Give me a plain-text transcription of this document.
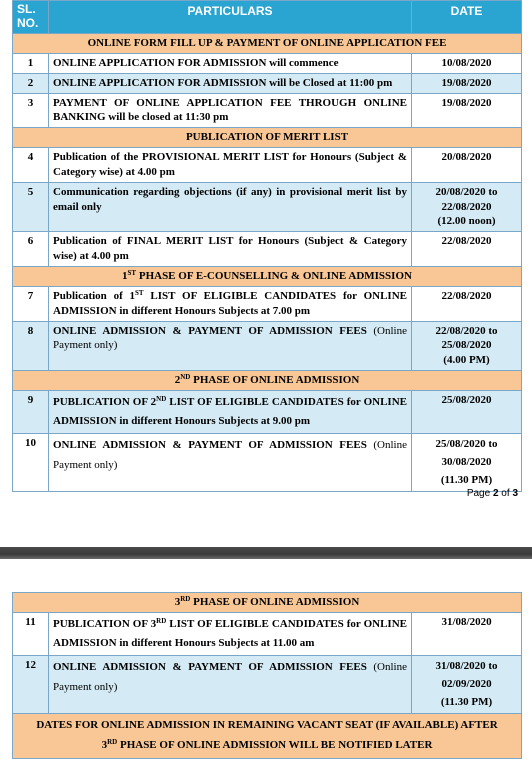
SL.
NO.	PARTICULARS	DATE
ONLINE FORM FILL UP & PAYMENT OF ONLINE APPLICATION FEE		
1	ONLINE APPLICATION FOR ADMISSION will commence	10/08/2020
2	ONLINE APPLICATION FOR ADMISSION will be Closed at 11:00 pm	19/08/2020
3	PAYMENT OF ONLINE APPLICATION FEE THROUGH ONLINE BANKING will be closed at 11:30 pm	19/08/2020
PUBLICATION OF MERIT LIST		
4	Publication of the PROVISIONAL MERIT LIST for Honours (Subject & Category wise) at 4.00 pm	20/08/2020
5	Communication regarding objections (if any) in provisional merit list by email only	20/08/2020 to
22/08/2020
(12.00 noon)

6	Publication of FINAL MERIT LIST for Honours (Subject & Category wise) at 4.00 pm	22/08/2020
1ST PHASE OF E-COUNSELLING & ONLINE ADMISSION		
7	Publication of 1ST LIST OF ELIGIBLE CANDIDATES for ONLINE ADMISSION in different Honours Subjects at 7.00 pm	22/08/2020
8	ONLINE ADMISSION & PAYMENT OF ADMISSION FEES (Online Payment only)	22/08/2020 to
25/08/2020
(4.00 PM)

2ND PHASE OF ONLINE ADMISSION		
9	PUBLICATION OF 2ND LIST OF ELIGIBLE CANDIDATES for ONLINE ADMISSION in different Honours Subjects at 9.00 pm	25/08/2020
10	ONLINE ADMISSION & PAYMENT OF ADMISSION FEES (Online Payment only)	25/08/2020 to
30/08/2020
(11.30 PM)
Page 2 of 3
3RD PHASE OF ONLINE ADMISSION		
11	PUBLICATION OF 3RD LIST OF ELIGIBLE CANDIDATES for ONLINE ADMISSION in different Honours Subjects at 11.00 am	31/08/2020
12	ONLINE ADMISSION & PAYMENT OF ADMISSION FEES (Online Payment only)	31/08/2020 to
02/09/2020
(11.30 PM)

DATES FOR ONLINE ADMISSION IN REMAINING VACANT SEAT (IF AVAILABLE) AFTER
3RD PHASE OF ONLINE ADMISSION WILL BE NOTIFIED LATER		
